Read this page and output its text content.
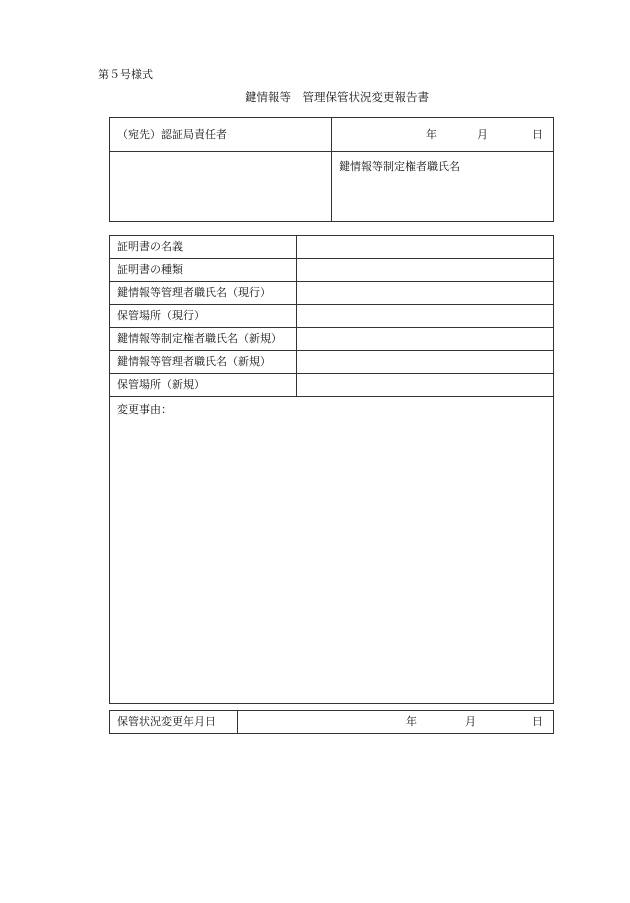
第５号様式
鍵情報等　管理保管状況変更報告書
（宛先）認証局責任者	年 月 日
	鍵情報等制定権者職氏名
証明書の名義	
証明書の種類	
鍵情報等管理者職氏名（現行）	
保管場所（現行）	
鍵情報等制定権者職氏名（新規）	
鍵情報等管理者職氏名（新規）	
保管場所（新規）	
変更事由：	
保管状況変更年月日	年	月	日
